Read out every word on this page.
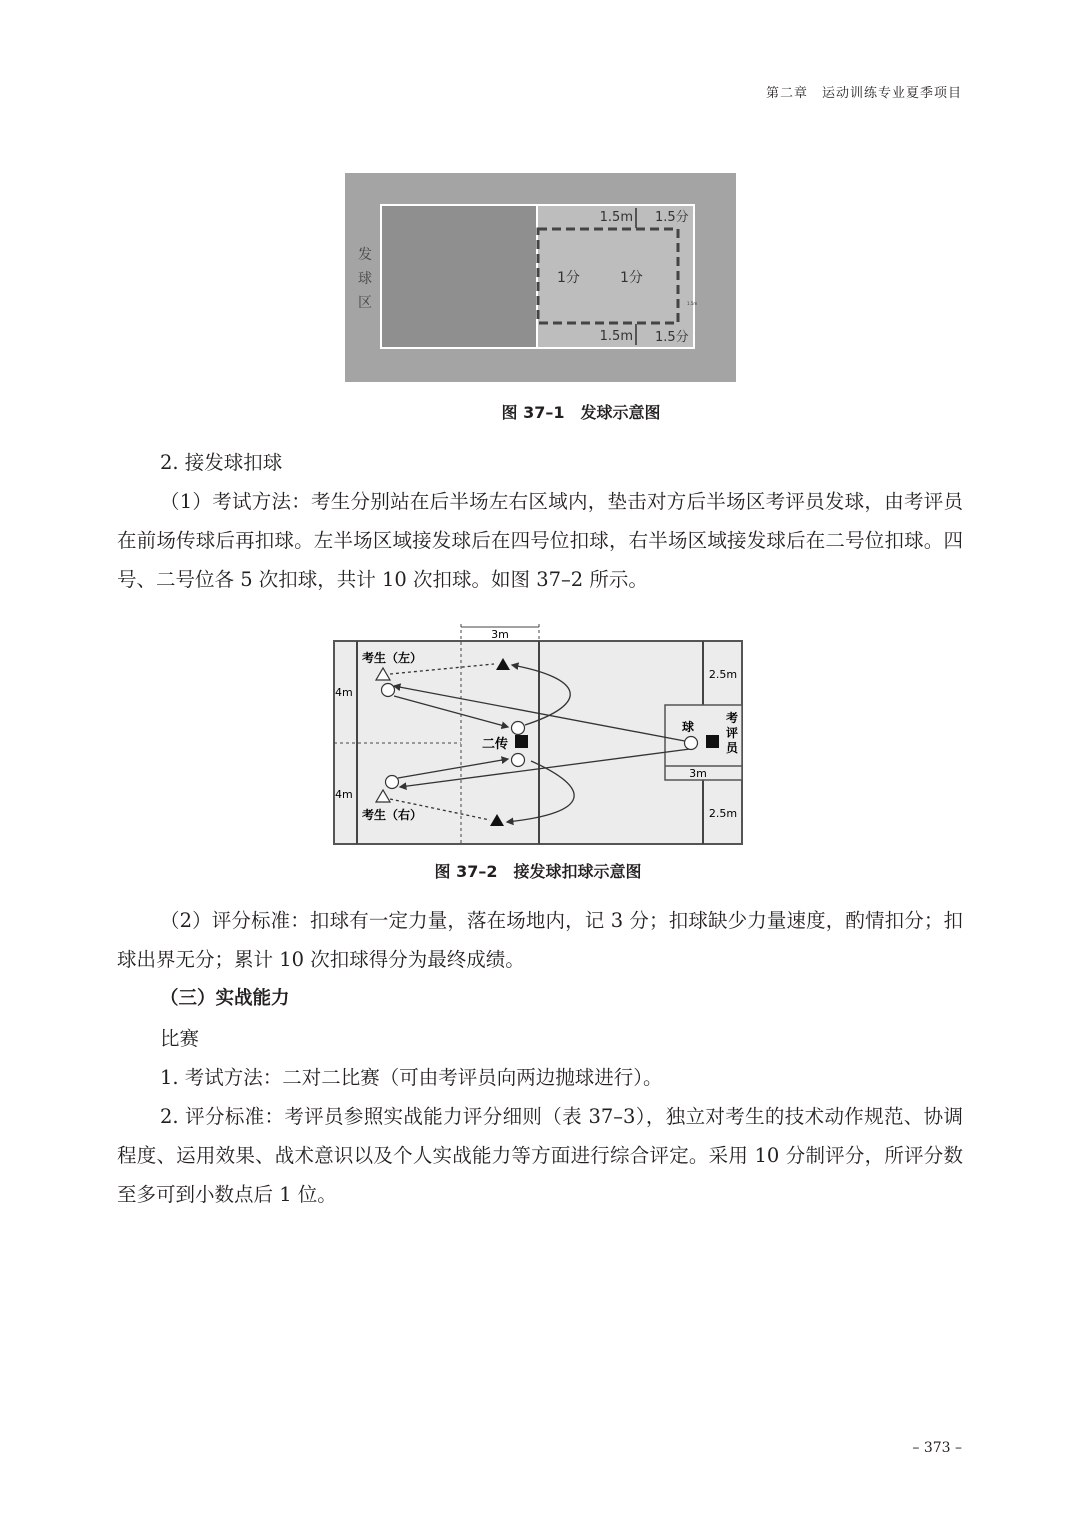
第二章　运动训练专业夏季项目
发
球
区
1.5m 1.5分
1分	1分
1.5m
1.5m 1.5分
图 37–1　发球示意图
2. 接发球扣球
（1）考试方法：考生分别站在后半场左右区域内，垫击对方后半场区考评员发球，由考评员在前场传球后再扣球。左半场区域接发球后在四号位扣球，右半场区域接发球后在二号位扣球。四号、二号位各 5 次扣球，共计 10 次扣球。如图 37–2 所示。
3m
考生（左）
考生（右）
4m
4m
2.5m
2.5m
3m
二传
球
考
评
员
图 37–2　接发球扣球示意图
（2）评分标准：扣球有一定力量，落在场地内，记 3 分；扣球缺少力量速度，酌情扣分；扣球出界无分；累计 10 次扣球得分为最终成绩。
（三）实战能力
比赛
1. 考试方法：二对二比赛（可由考评员向两边抛球进行）。
2. 评分标准：考评员参照实战能力评分细则（表 37–3），独立对考生的技术动作规范、协调程度、运用效果、战术意识以及个人实战能力等方面进行综合评定。采用 10 分制评分，所评分数至多可到小数点后 1 位。
– 373 –
